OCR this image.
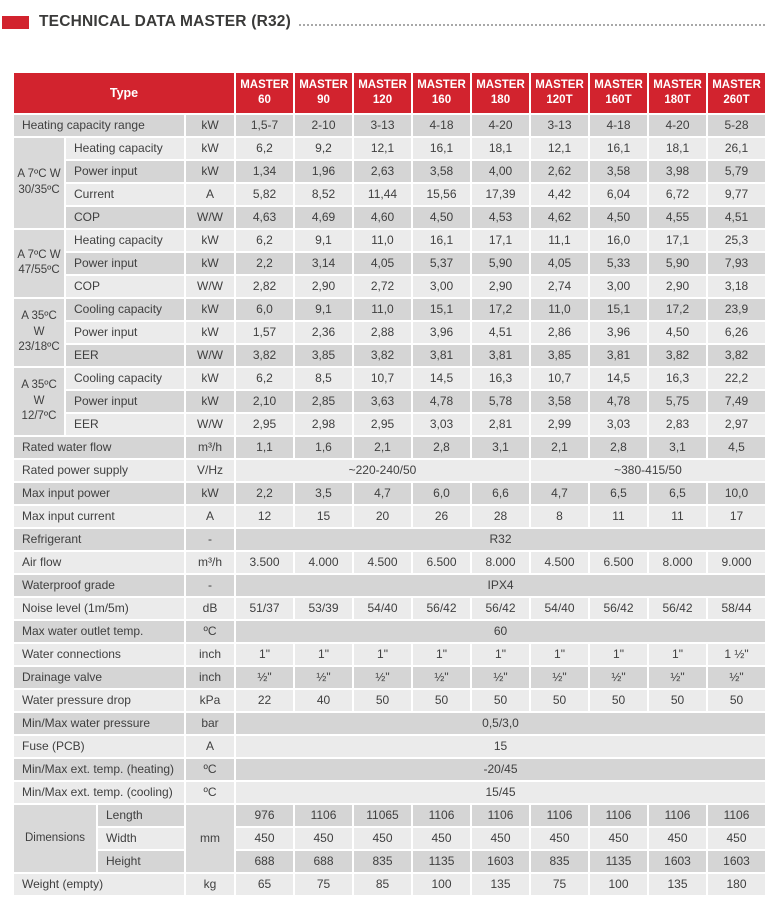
TECHNICAL DATA MASTER (R32)
Type				MASTER 60	MASTER 90	MASTER 120	MASTER 160	MASTER 180	MASTER 120T	MASTER 160T	MASTER 180T	MASTER 260T
Heating capacity range			kW	1,5-7	2-10	3-13	4-18	4-20	3-13	4-18	4-20	5-28
A 7ºC W 30/35ºC	Heating capacity		kW	6,2	9,2	12,1	16,1	18,1	12,1	16,1	18,1	26,1
	Power input		kW	1,34	1,96	2,63	3,58	4,00	2,62	3,58	3,98	5,79
	Current		A	5,82	8,52	11,44	15,56	17,39	4,42	6,04	6,72	9,77
	COP		W/W	4,63	4,69	4,60	4,50	4,53	4,62	4,50	4,55	4,51
A 7ºC W 47/55ºC	Heating capacity		kW	6,2	9,1	11,0	16,1	17,1	11,1	16,0	17,1	25,3
	Power input		kW	2,2	3,14	4,05	5,37	5,90	4,05	5,33	5,90	7,93
	COP		W/W	2,82	2,90	2,72	3,00	2,90	2,74	3,00	2,90	3,18
A 35ºC W 23/18ºC	Cooling capacity		kW	6,0	9,1	11,0	15,1	17,2	11,0	15,1	17,2	23,9
	Power input		kW	1,57	2,36	2,88	3,96	4,51	2,86	3,96	4,50	6,26
	EER		W/W	3,82	3,85	3,82	3,81	3,81	3,85	3,81	3,82	3,82
A 35ºC W 12/7ºC	Cooling capacity		kW	6,2	8,5	10,7	14,5	16,3	10,7	14,5	16,3	22,2
	Power input		kW	2,10	2,85	3,63	4,78	5,78	3,58	4,78	5,75	7,49
	EER		W/W	2,95	2,98	2,95	3,03	2,81	2,99	3,03	2,83	2,97
Rated water flow			m³/h	1,1	1,6	2,1	2,8	3,1	2,1	2,8	3,1	4,5
Rated power supply			V/Hz	~220-240/50					~380-415/50			
Max input power			kW	2,2	3,5	4,7	6,0	6,6	4,7	6,5	6,5	10,0
Max input current			A	12	15	20	26	28	8	11	11	17
Refrigerant			-	R32								
Air flow			m³/h	3.500	4.000	4.500	6.500	8.000	4.500	6.500	8.000	9.000
Waterproof grade			-	IPX4								
Noise level (1m/5m)			dB	51/37	53/39	54/40	56/42	56/42	54/40	56/42	56/42	58/44
Max water outlet temp.			ºC	60								
Water connections			inch	1"	1"	1"	1"	1"	1"	1"	1"	1 ½"
Drainage valve			inch	½"	½"	½"	½"	½"	½"	½"	½"	½"
Water pressure drop			kPa	22	40	50	50	50	50	50	50	50
Min/Max water pressure			bar	0,5/3,0								
Fuse (PCB)			A	15								
Min/Max ext. temp. (heating)			ºC	-20/45								
Min/Max ext. temp. (cooling)			ºC	15/45								
Dimensions		Length	mm	976	1106	11065	1106	1106	1106	1106	1106	1106
		Width		450	450	450	450	450	450	450	450	450
		Height		688	688	835	1135	1603	835	1135	1603	1603
Weight (empty)			kg	65	75	85	100	135	75	100	135	180
